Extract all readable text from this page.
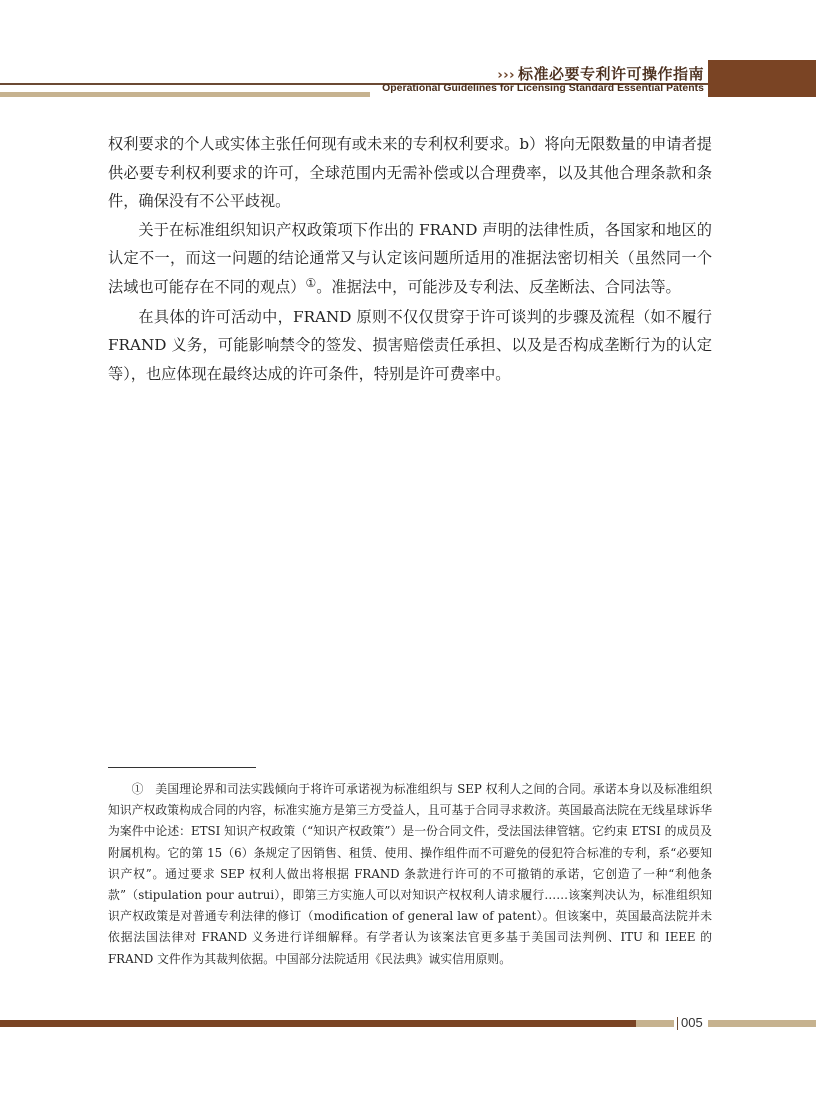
››› 标准必要专利许可操作指南
Operational Guidelines for Licensing Standard Essential Patents

权利要求的个人或实体主张任何现有或未来的专利权利要求。b）将向无限数量的申请者提供必要专利权利要求的许可，全球范围内无需补偿或以合理费率，以及其他合理条款和条件，确保没有不公平歧视。

关于在标准组织知识产权政策项下作出的 FRAND 声明的法律性质，各国家和地区的认定不一，而这一问题的结论通常又与认定该问题所适用的准据法密切相关（虽然同一个法域也可能存在不同的观点）①。准据法中，可能涉及专利法、反垄断法、合同法等。

在具体的许可活动中，FRAND 原则不仅仅贯穿于许可谈判的步骤及流程（如不履行 FRAND 义务，可能影响禁令的签发、损害赔偿责任承担、以及是否构成垄断行为的认定等），也应体现在最终达成的许可条件，特别是许可费率中。

①　美国理论界和司法实践倾向于将许可承诺视为标准组织与 SEP 权利人之间的合同。承诺本身以及标准组织知识产权政策构成合同的内容，标准实施方是第三方受益人，且可基于合同寻求救济。英国最高法院在无线星球诉华为案件中论述：ETSI 知识产权政策（“知识产权政策”）是一份合同文件，受法国法律管辖。它约束 ETSI 的成员及附属机构。它的第 15（6）条规定了因销售、租赁、使用、操作组件而不可避免的侵犯符合标准的专利，系“必要知识产权”。通过要求 SEP 权利人做出将根据 FRAND 条款进行许可的不可撤销的承诺，它创造了一种“利他条款”（stipulation pour autrui），即第三方实施人可以对知识产权权利人请求履行……该案判决认为，标准组织知识产权政策是对普通专利法律的修订（modification of general law of patent）。但该案中，英国最高法院并未依据法国法律对 FRAND 义务进行详细解释。有学者认为该案法官更多基于美国司法判例、ITU 和 IEEE 的 FRAND 文件作为其裁判依据。中国部分法院适用《民法典》诚实信用原则。

005
